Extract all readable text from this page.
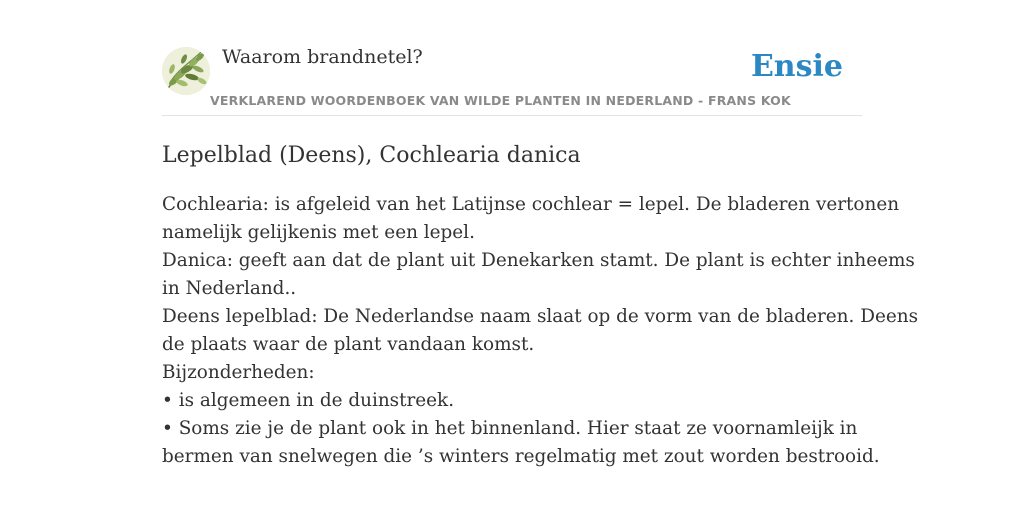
Waarom brandnetel?
VERKLAREND WOORDENBOEK VAN WILDE PLANTEN IN NEDERLAND - FRANS KOK
Ensie
Lepelblad (Deens), Cochlearia danica
Cochlearia: is afgeleid van het Latijnse cochlear = lepel. De bladeren vertonen
namelijk gelijkenis met een lepel.
Danica: geeft aan dat de plant uit Denekarken stamt. De plant is echter inheems
in Nederland..
Deens lepelblad: De Nederlandse naam slaat op de vorm van de bladeren. Deens
de plaats waar de plant vandaan komst.
Bijzonderheden:
• is algemeen in de duinstreek.
• Soms zie je de plant ook in het binnenland. Hier staat ze voornamleijk in
bermen van snelwegen die ’s winters regelmatig met zout worden bestrooid.
